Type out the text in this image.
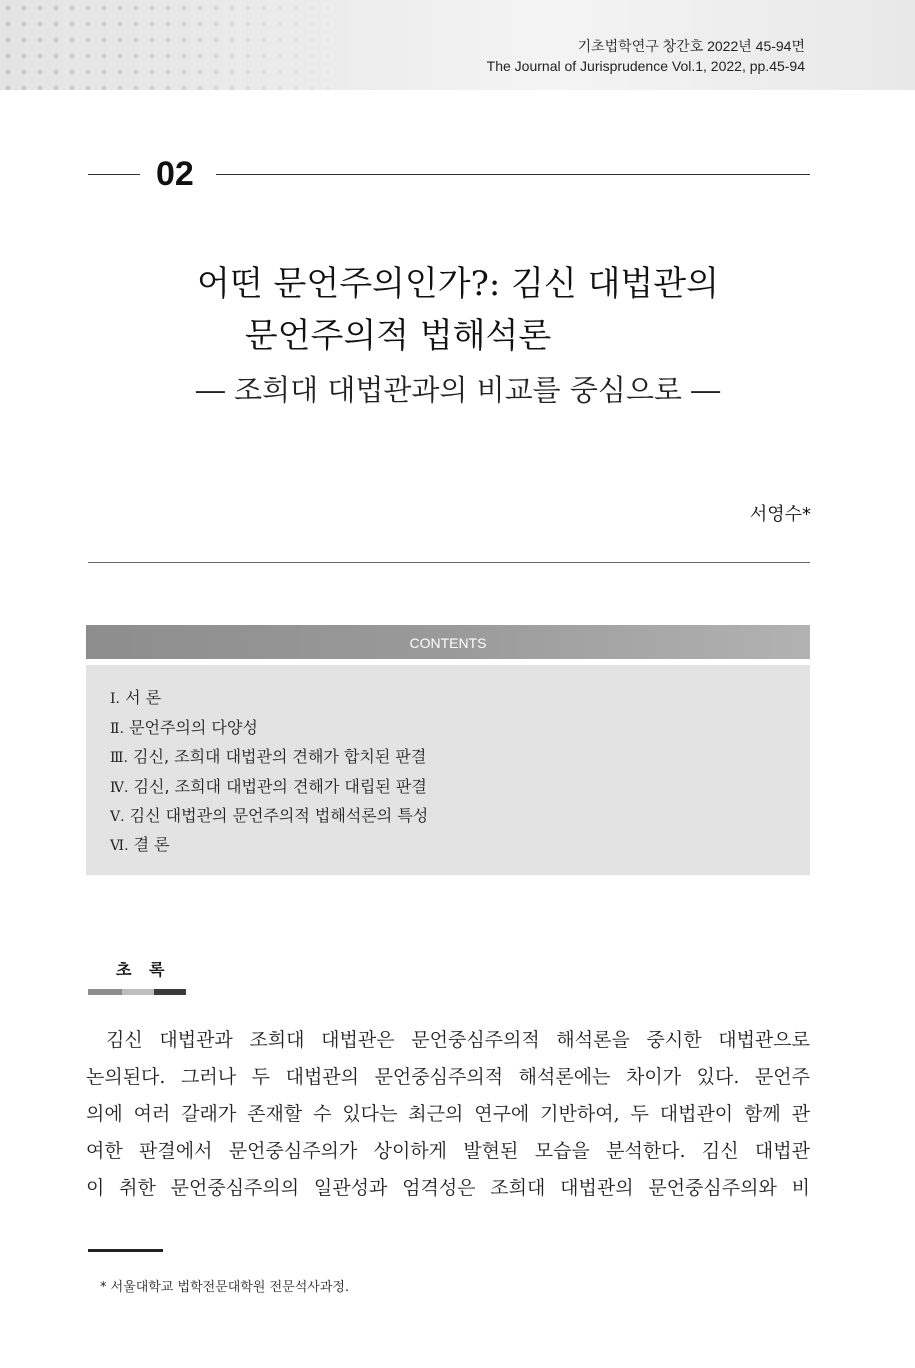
기초법학연구 창간호 2022년 45-94면
The Journal of Jurisprudence Vol.1, 2022, pp.45-94
02
어떤 문언주의인가?: 김신 대법관의
문언주의적 법해석론
― 조희대 대법관과의 비교를 중심으로 ―
서영수*
CONTENTS
Ⅰ. 서 론
Ⅱ. 문언주의의 다양성
Ⅲ. 김신, 조희대 대법관의 견해가 합치된 판결
Ⅳ. 김신, 조희대 대법관의 견해가 대립된 판결
Ⅴ. 김신 대법관의 문언주의적 법해석론의 특성
Ⅵ. 결 론
초 록
김신 대법관과 조희대 대법관은 문언중심주의적 해석론을 중시한 대법관으로
논의된다. 그러나 두 대법관의 문언중심주의적 해석론에는 차이가 있다. 문언주
의에 여러 갈래가 존재할 수 있다는 최근의 연구에 기반하여, 두 대법관이 함께 관
여한 판결에서 문언중심주의가 상이하게 발현된 모습을 분석한다. 김신 대법관
이 취한 문언중심주의의 일관성과 엄격성은 조희대 대법관의 문언중심주의와 비
* 서울대학교 법학전문대학원 전문석사과정.
